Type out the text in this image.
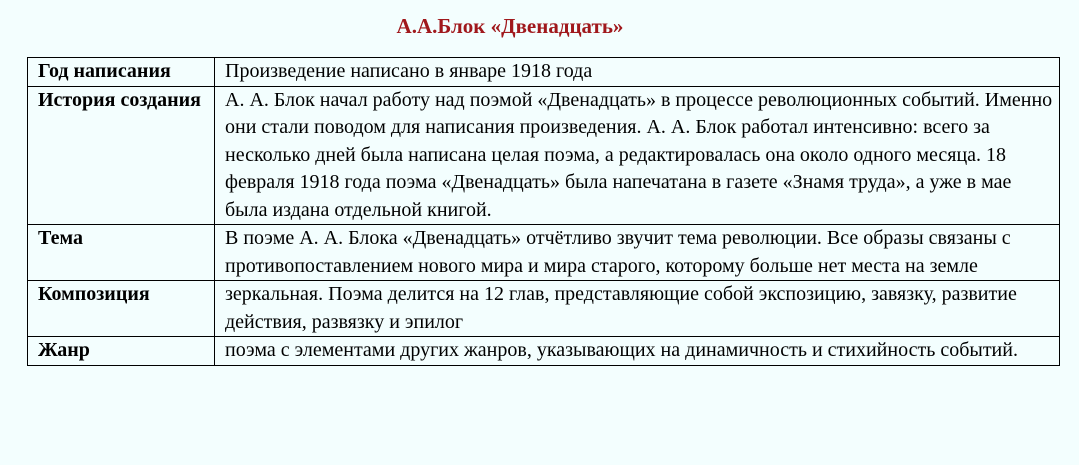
А.А.Блок «Двенадцать»
Год написания	Произведение написано в январе 1918 года
История создания	А. А. Блок начал работу над поэмой «Двенадцать» в процессе революционных событий. Именно они стали поводом для написания произведения. А. А. Блок работал интенсивно: всего за несколько дней была написана целая поэма, а редактировалась она около одного месяца. 18 февраля 1918 года поэма «Двенадцать» была напечатана в газете «Знамя труда», а уже в мае была издана отдельной книгой.
Тема	В поэме А. А. Блока «Двенадцать» отчётливо звучит тема революции. Все образы связаны с противопоставлением нового мира и мира старого, которому больше нет места на земле
Композиция	зеркальная. Поэма делится на 12 глав, представляющие собой экспозицию, завязку, развитие действия, развязку и эпилог
Жанр	поэма с элементами других жанров, указывающих на динамичность и стихийность событий.
